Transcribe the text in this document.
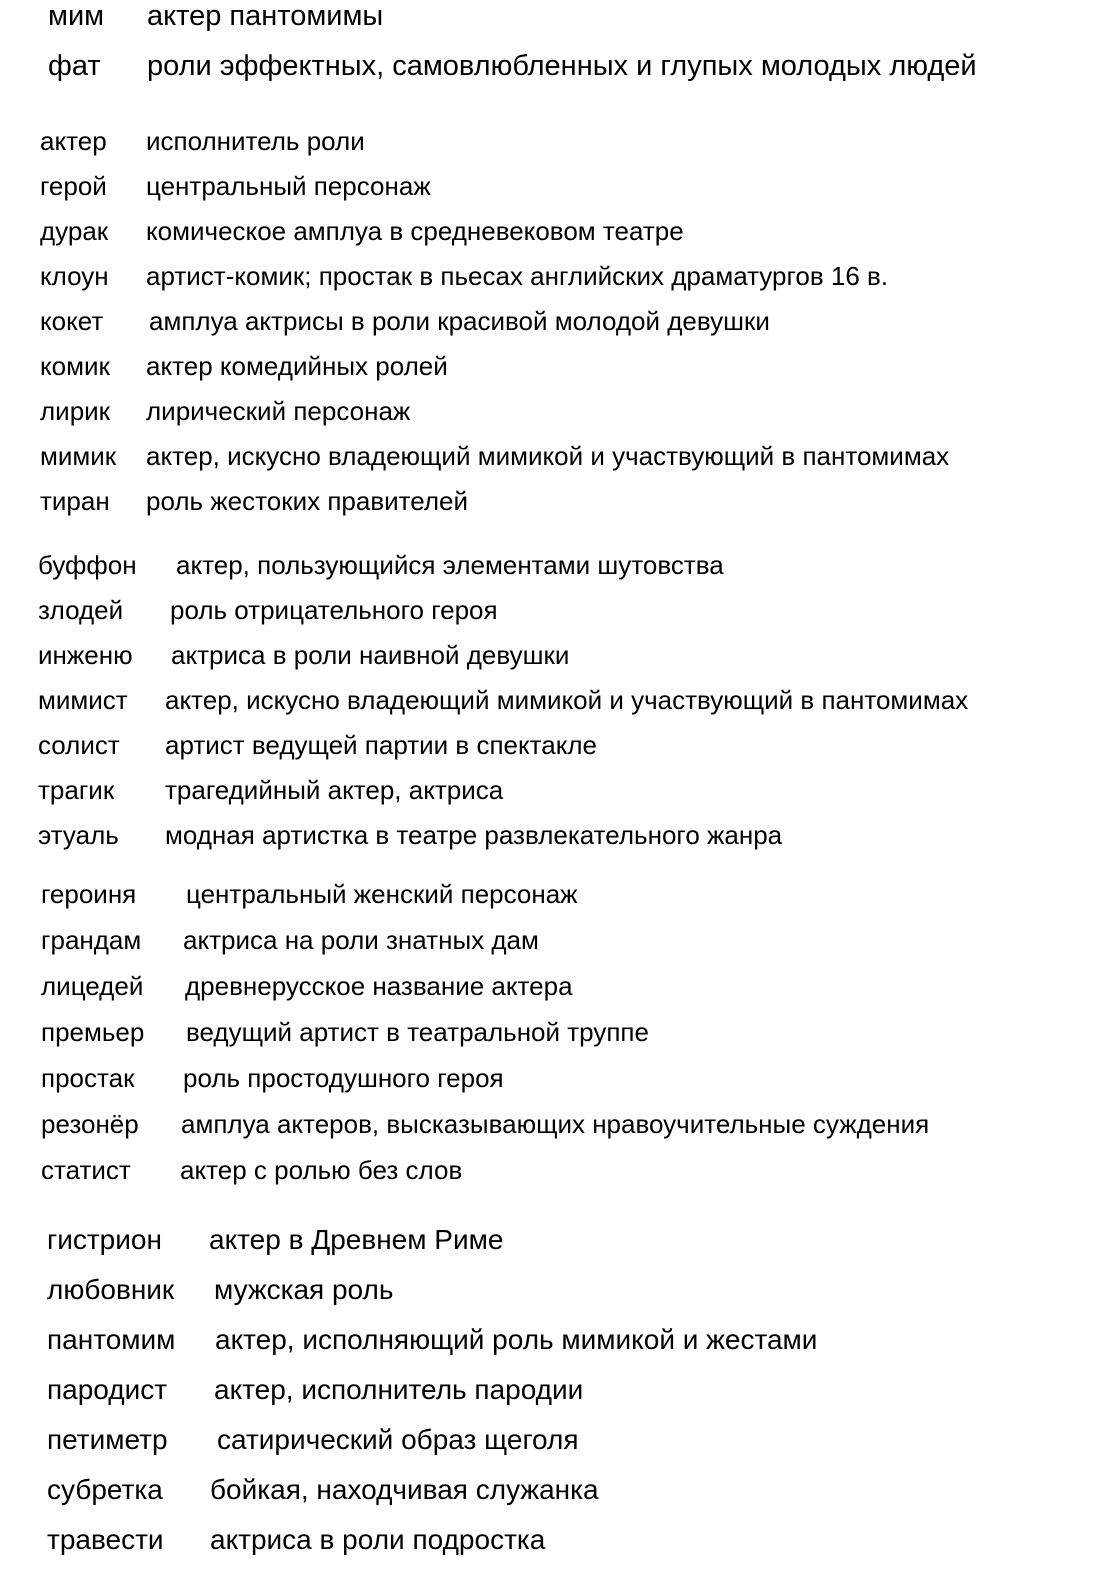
мим актер пантомимы
фат роли эффектных, самовлюбленных и глупых молодых людей
актер исполнитель роли
герой центральный персонаж
дурак комическое амплуа в средневековом театре
клоун артист-комик; простак в пьесах английских драматургов 16 в.
кокет амплуа актрисы в роли красивой молодой девушки
комик актер комедийных ролей
лирик лирический персонаж
мимик актер, искусно владеющий мимикой и участвующий в пантомимах
тиран роль жестоких правителей
буффон актер, пользующийся элементами шутовства
злодей роль отрицательного героя
инженю актриса в роли наивной девушки
мимист актер, искусно владеющий мимикой и участвующий в пантомимах
солист артист ведущей партии в спектакле
трагик трагедийный актер, актриса
этуаль модная артистка в театре развлекательного жанра
героиня центральный женский персонаж
грандам актриса на роли знатных дам
лицедей древнерусское название актера
премьер ведущий артист в театральной труппе
простак роль простодушного героя
резонёр амплуа актеров, высказывающих нравоучительные суждения
статист актер с ролью без слов
гистрион актер в Древнем Риме
любовник мужская роль
пантомим актер, исполняющий роль мимикой и жестами
пародист актер, исполнитель пародии
петиметр сатирический образ щеголя
субретка бойкая, находчивая служанка
травести актриса в роли подростка
